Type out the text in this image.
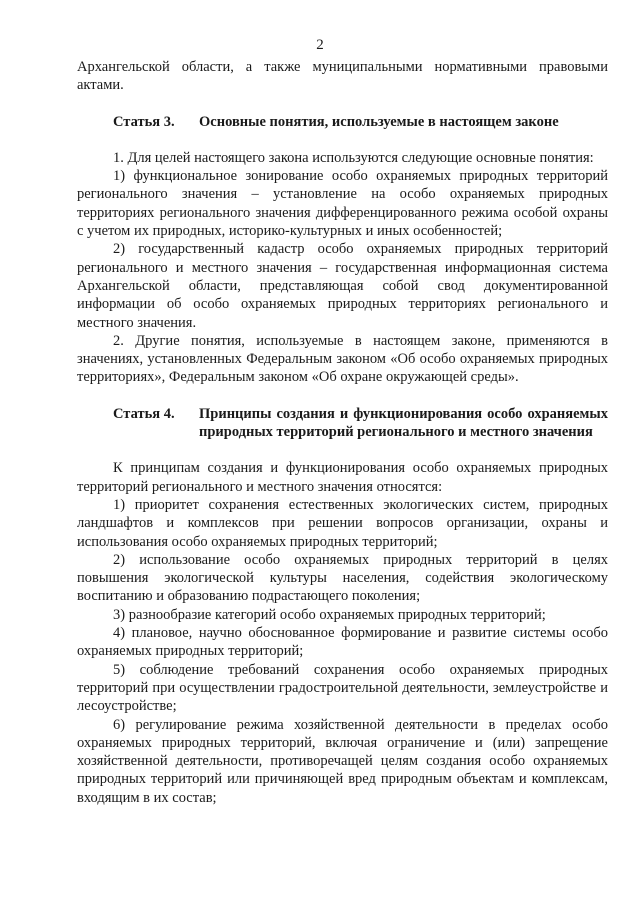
2

Архангельской области, а также муниципальными нормативными правовыми актами.

Статья 3.	Основные понятия, используемые в настоящем законе

1. Для целей настоящего закона используются следующие основные понятия:

1) функциональное зонирование особо охраняемых природных территорий регионального значения – установление на особо охраняемых природных территориях регионального значения дифференцированного режима особой охраны с учетом их природных, историко-культурных и иных особенностей;

2) государственный кадастр особо охраняемых природных территорий регионального и местного значения – государственная информационная система Архангельской области, представляющая собой свод документированной информации об особо охраняемых природных территориях регионального и местного значения.

2. Другие понятия, используемые в настоящем законе, применяются в значениях, установленных Федеральным законом «Об особо охраняемых природных территориях», Федеральным законом «Об охране окружающей среды».

Статья 4.	Принципы создания и функционирования особо охраняемых природных территорий регионального и местного значения

К принципам создания и функционирования особо охраняемых природных территорий регионального и местного значения относятся:

1) приоритет сохранения естественных экологических систем, природных ландшафтов и комплексов при решении вопросов организации, охраны и использования особо охраняемых природных территорий;

2) использование особо охраняемых природных территорий в целях повышения экологической культуры населения, содействия экологическому воспитанию и образованию подрастающего поколения;

3) разнообразие категорий особо охраняемых природных территорий;

4) плановое, научно обоснованное формирование и развитие системы особо охраняемых природных территорий;

5) соблюдение требований сохранения особо охраняемых природных территорий при осуществлении градостроительной деятельности, землеустройстве и лесоустройстве;

6) регулирование режима хозяйственной деятельности в пределах особо охраняемых природных территорий, включая ограничение и (или) запрещение хозяйственной деятельности, противоречащей целям создания особо охраняемых природных территорий или причиняющей вред природным объектам и комплексам, входящим в их состав;
